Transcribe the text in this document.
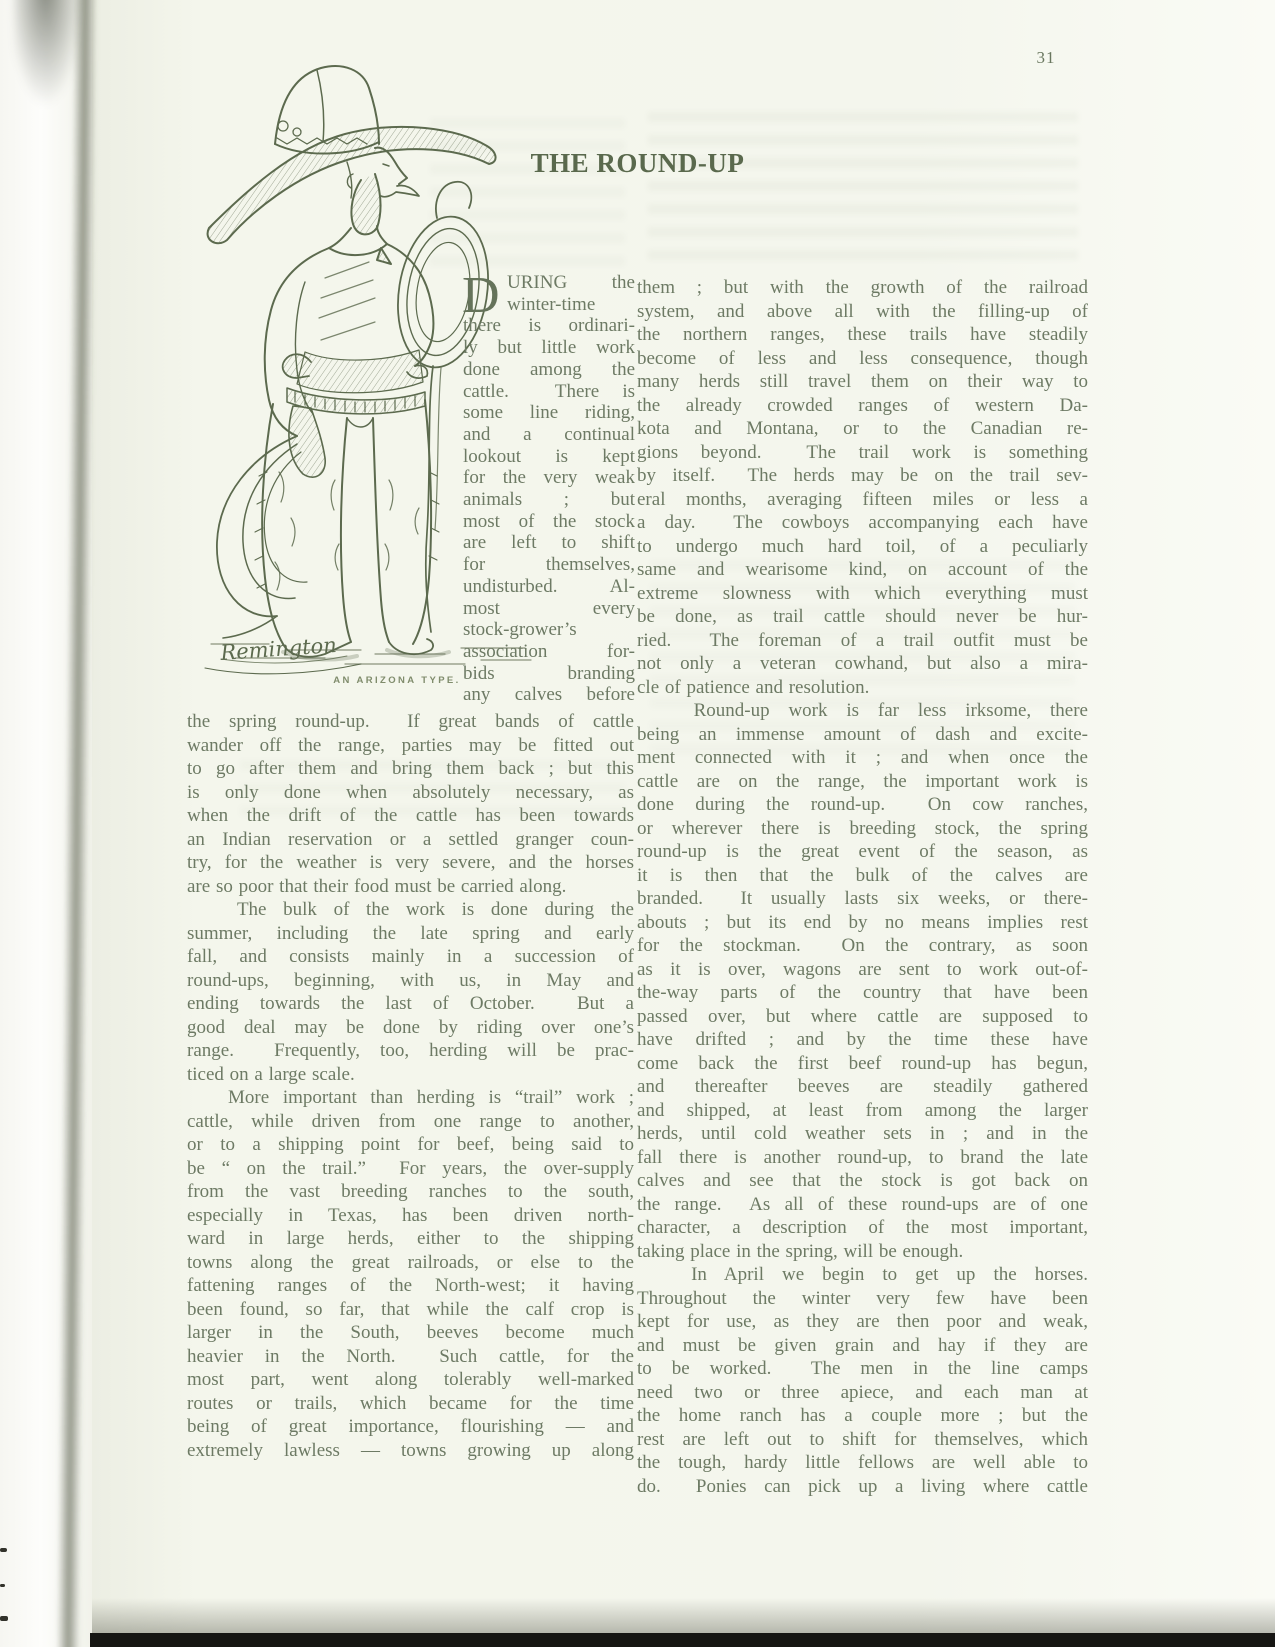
31
THE ROUND-UP
Remington
AN ARIZONA TYPE.
D URING the
winter-time
there is ordinari-
ly but little work
done among the
cattle.  There is
some line riding,
and a continual
lookout is kept
for the very weak
animals ; but
most of the stock
are left to shift
for themselves,
undisturbed. Al-
most every
stock-grower’s
association for-
bids branding
any calves before
the spring round-up.  If great bands of cattle
wander off the range, parties may be fitted out
to go after them and bring them back ; but this
is only done when absolutely necessary, as
when the drift of the cattle has been towards
an Indian reservation or a settled granger coun-
try, for the weather is very severe, and the horses
are so poor that their food must be carried along.
The bulk of the work is done during the
summer, including the late spring and early
fall, and consists mainly in a succession of
round-ups, beginning, with us, in May and
ending towards the last of October.  But a
good deal may be done by riding over one’s
range.  Frequently, too, herding will be prac-
ticed on a large scale.
More important than herding is “trail” work ;
cattle, while driven from one range to another,
or to a shipping point for beef, being said to
be “ on the trail.”  For years, the over-supply
from the vast breeding ranches to the south,
especially in Texas, has been driven north-
ward in large herds, either to the shipping
towns along the great railroads, or else to the
fattening ranges of the North-west; it having
been found, so far, that while the calf crop is
larger in the South, beeves become much
heavier in the North.  Such cattle, for the
most part, went along tolerably well-marked
routes or trails, which became for the time
being of great importance, flourishing — and
extremely lawless — towns growing up along
them ; but with the growth of the railroad
system, and above all with the filling-up of
the northern ranges, these trails have steadily
become of less and less consequence, though
many herds still travel them on their way to
the already crowded ranges of western Da-
kota and Montana, or to the Canadian re-
gions beyond.  The trail work is something
by itself.  The herds may be on the trail sev-
eral months, averaging fifteen miles or less a
a day.  The cowboys accompanying each have
to undergo much hard toil, of a peculiarly
same and wearisome kind, on account of the
extreme slowness with which everything must
be done, as trail cattle should never be hur-
ried.  The foreman of a trail outfit must be
not only a veteran cowhand, but also a mira-
cle of patience and resolution.
Round-up work is far less irksome, there
being an immense amount of dash and excite-
ment connected with it ; and when once the
cattle are on the range, the important work is
done during the round-up.  On cow ranches,
or wherever there is breeding stock, the spring
round-up is the great event of the season, as
it is then that the bulk of the calves are
branded.  It usually lasts six weeks, or there-
abouts ; but its end by no means implies rest
for the stockman.  On the contrary, as soon
as it is over, wagons are sent to work out-of-
the-way parts of the country that have been
passed over, but where cattle are supposed to
have drifted ; and by the time these have
come back the first beef round-up has begun,
and thereafter beeves are steadily gathered
and shipped, at least from among the larger
herds, until cold weather sets in ; and in the
fall there is another round-up, to brand the late
calves and see that the stock is got back on
the range.  As all of these round-ups are of one
character, a description of the most important,
taking place in the spring, will be enough.
In April we begin to get up the horses.
Throughout the winter very few have been
kept for use, as they are then poor and weak,
and must be given grain and hay if they are
to be worked.  The men in the line camps
need two or three apiece, and each man at
the home ranch has a couple more ; but the
rest are left out to shift for themselves, which
the tough, hardy little fellows are well able to
do.  Ponies can pick up a living where cattle
